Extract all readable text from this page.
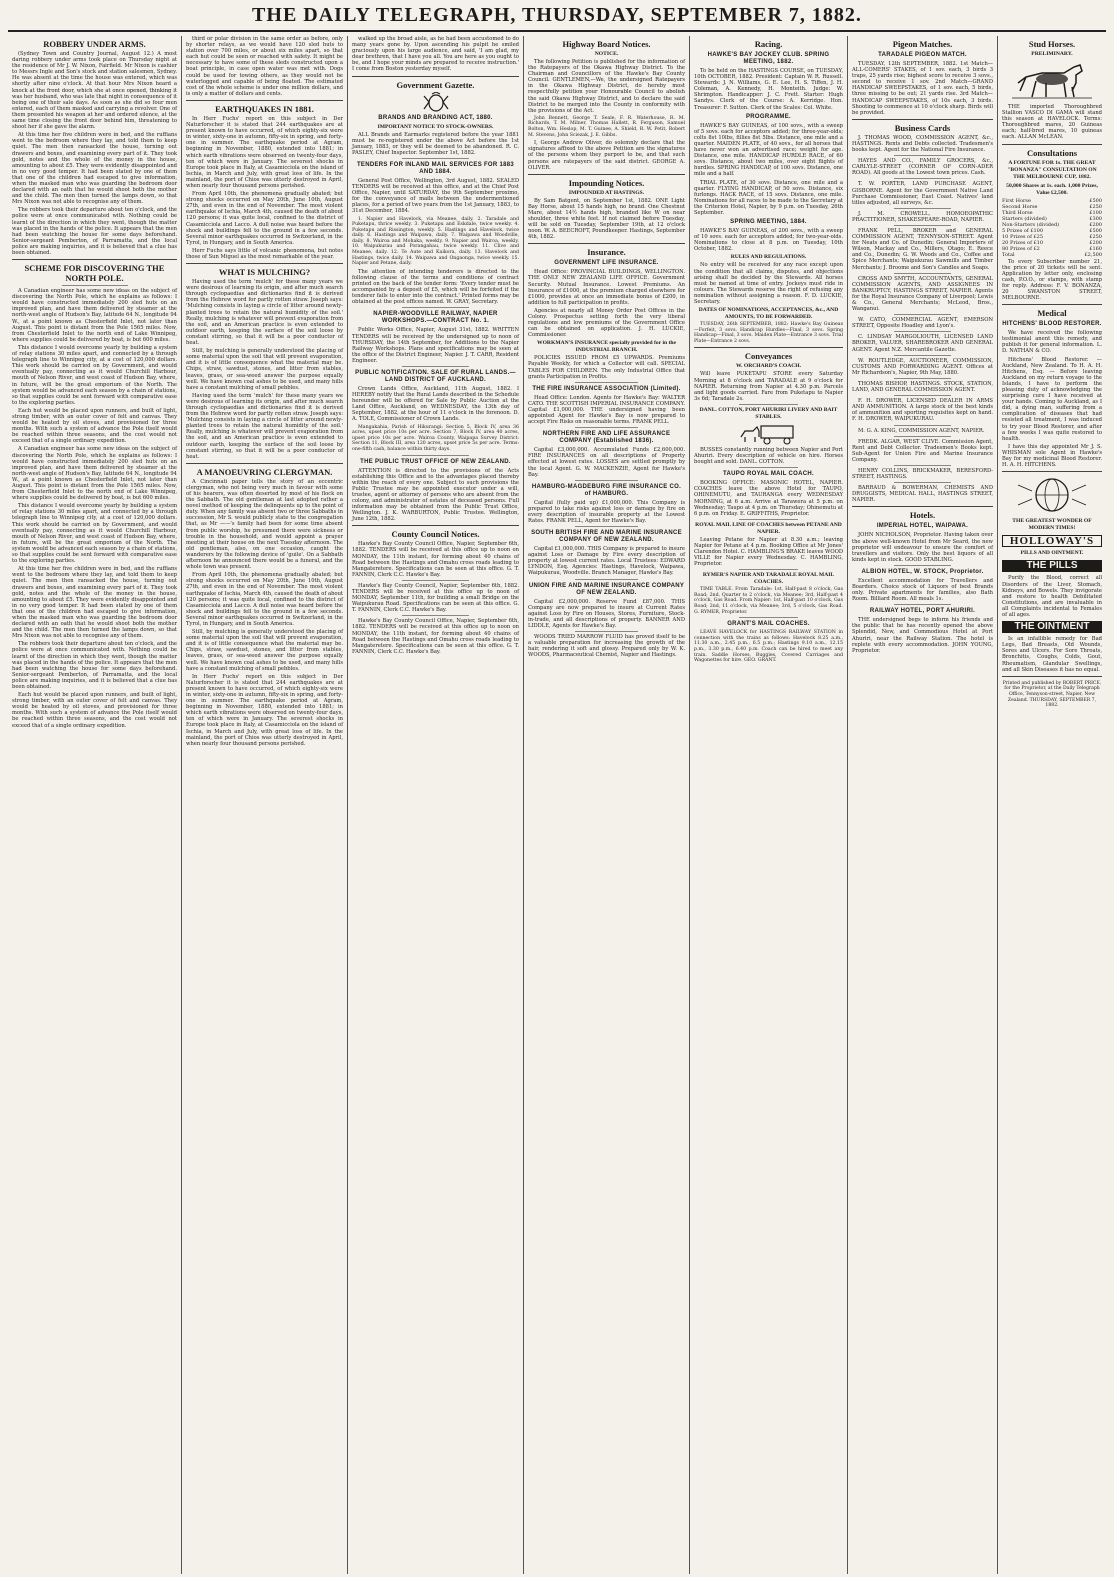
THE DAILY TELEGRAPH, THURSDAY, SEPTEMBER 7, 1882.
ROBBERY UNDER ARMS.

(Sydney Town and Country Journal, August 12.) A most daring robbery under arms took place on Thursday night at the residence of Mr J. W. Nixon, Fairfield. Mr Nixon is cashier to Messrs Ingle and Son's stock and station salesmen, Sydney. He was absent at the time the house was entered, which was shortly after nine o'clock. At that hour Mrs Nixon heard a knock at the front door, which she at once opened, thinking it was her husband, who was late that night in consequence of it being one of their sale days. As soon as she did so four men entered, each of them masked and carrying a revolver. One of them presented his weapon at her and ordered silence, at the same time closing the front door behind him, threatening to shoot her if she gave the alarm.

At this time her five children were in bed, and the ruffians went to the bedroom where they lay, and told them to keep quiet. The men then ransacked the house, turning out drawers and boxes, and examining every part of it. They took gold, notes and the whole of the money in the house, amounting to about £5. They were evidently disappointed and in no very good temper. It had been stated by one of them that one of the children had escaped to give information, when the masked man who was guarding the bedroom door declared with an oath that he would shoot both the mother and the child. The men then turned the lamps down, so that Mrs Nixon was not able to recognise any of them.

The robbers took their departure about ten o'clock, and the police were at once communicated with. Nothing could be learnt of the direction in which they went, though the matter was placed in the hands of the police. It appears that the men had been watching the house for some days beforehand. Senior-sergeant Pemberton, of Parramatta, and the local police are making inquiries, and it is believed that a clue has been obtained.

SCHEME FOR DISCOVERING THE NORTH POLE.

A Canadian engineer has some new ideas on the subject of discovering the North Pole, which he explains as follows: I would have constructed immediately 200 sled huts on an improved plan, and have them delivered by steamer at the north-west angle of Hudson's Bay, latitude 64 N., longitude 94 W., at a point known as Chesterfield Inlet, not later than August. This point is distant from the Pole 1565 miles. Now, from Chesterfield Inlet to the north end of Lake Winnipeg, where supplies could be delivered by boat, is but 600 miles.

This distance I would overcome yearly by building a system of relay stations 30 miles apart, and connected by a through telegraph line to Winnipeg city, at a cost of 120,000 dollars. This work should be carried on by Government, and would eventually pay, connecting as it would Churchill Harbour, mouth of Nelson River, and west coast of Hudson Bay, where, in future, will be the great emporium of the North. The system would be advanced each season by a chain of stations, so that supplies could be sent forward with comparative ease to the exploring parties.

Each hut would be placed upon runners, and built of light, strong timber, with an outer cover of felt and canvas. They would be heated by oil stoves, and provisioned for three months. With such a system of advance the Pole itself would be reached within three seasons, and the cost would not exceed that of a single ordinary expedition.

A Canadian engineer has some new ideas on the subject of discovering the North Pole, which he explains as follows: I would have constructed immediately 200 sled huts on an improved plan, and have them delivered by steamer at the north-west angle of Hudson's Bay, latitude 64 N., longitude 94 W., at a point known as Chesterfield Inlet, not later than August. This point is distant from the Pole 1565 miles. Now, from Chesterfield Inlet to the north end of Lake Winnipeg, where supplies could be delivered by boat, is but 600 miles.

This distance I would overcome yearly by building a system of relay stations 30 miles apart, and connected by a through telegraph line to Winnipeg city, at a cost of 120,000 dollars. This work should be carried on by Government, and would eventually pay, connecting as it would Churchill Harbour, mouth of Nelson River, and west coast of Hudson Bay, where, in future, will be the great emporium of the North. The system would be advanced each season by a chain of stations, so that supplies could be sent forward with comparative ease to the exploring parties.

At this time her five children were in bed, and the ruffians went to the bedroom where they lay, and told them to keep quiet. The men then ransacked the house, turning out drawers and boxes, and examining every part of it. They took gold, notes and the whole of the money in the house, amounting to about £5. They were evidently disappointed and in no very good temper. It had been stated by one of them that one of the children had escaped to give information, when the masked man who was guarding the bedroom door declared with an oath that he would shoot both the mother and the child. The men then turned the lamps down, so that Mrs Nixon was not able to recognise any of them.

The robbers took their departure about ten o'clock, and the police were at once communicated with. Nothing could be learnt of the direction in which they went, though the matter was placed in the hands of the police. It appears that the men had been watching the house for some days beforehand. Senior-sergeant Pemberton, of Parramatta, and the local police are making inquiries, and it is believed that a clue has been obtained.

Each hut would be placed upon runners, and built of light, strong timber, with an outer cover of felt and canvas. They would be heated by oil stoves, and provisioned for three months. With such a system of advance the Pole itself would be reached within three seasons, and the cost would not exceed that of a single ordinary expedition.

third or polar division in the same order as before, only by shorter relays, as we would have 120 sled huts to station over 700 miles, or about six miles apart, so that each hut could be seen or reached with safety. It might be necessary to have some of these sleds constructed upon a boat principle, in case open water was met with. Dogs could be used for towing others, as they would not be waterlogged and capable of being floated. The estimated cost of the whole scheme is under one million dollars, and is only a matter of dollars and cents.

EARTHQUAKES IN 1881.

In Herr Fuchs' report on this subject in Der Naturforscher it is stated that 244 earthquakes are at present known to have occurred, of which eighty-six were in winter, sixty-one in autumn, fifty-six in spring, and forty-one in summer. The earthquake period at Agram, beginning in November, 1880, extended into 1881; in which earth vibrations were observed on twenty-four days, ten of which were in January. The severest shocks in Europe took place in Italy, at Casamicciola on the island of Ischia, in March and July, with great loss of life. In the mainland, the port of Chios was utterly destroyed in April, when nearly four thousand persons perished.

From April 10th, the phenomena gradually abated; but strong shocks occurred on May 20th, June 10th, August 27th, and even in the end of November. The most violent earthquake of Ischia, March 4th, caused the death of about 120 persons; it was quite local, confined to the district of Casamicciola and Lacco. A dull noise was heard before the shock and buildings fell to the ground in a few seconds. Several minor earthquakes occurred in Switzerland, in the Tyrol, in Hungary, and in South America.

Herr Fuchs says little of volcanic phenomena, but notes those of Sun Miguel as the most remarkable of the year.

WHAT IS MULCHING?

Having used the term 'mulch' for these many years we were desirous of learning its origin, and after much search through cyclopaedias and dictionaries find it is derived from the Hebrew word for partly rotten straw. Joseph says: 'Mulching consists in laying a circle of litter around newly-planted trees to retain the natural humidity of the soil.' Really, mulching is whatever will prevent evaporation from the soil, and an American practice is even extended to outdoor earth, keeping the surface of the soil loose by constant stirring, so that it will be a poor conductor of heat.

Still, by mulching is generally understood the placing of some material upon the soil that will prevent evaporation, and it is of little consequence what the material may be. Chips, straw, sawdust, stones, and litter from stables, leaves, grass, or sea-weed answer the purpose equally well. We have known coal ashes to be used, and many hills have a constant mulching of small pebbles.

Having used the term 'mulch' for these many years we were desirous of learning its origin, and after much search through cyclopaedias and dictionaries find it is derived from the Hebrew word for partly rotten straw. Joseph says: 'Mulching consists in laying a circle of litter around newly-planted trees to retain the natural humidity of the soil.' Really, mulching is whatever will prevent evaporation from the soil, and an American practice is even extended to outdoor earth, keeping the surface of the soil loose by constant stirring, so that it will be a poor conductor of heat.

A MANOEUVRING CLERGYMAN.

A Cincinnati paper tells the story of an eccentric clergyman, who not being very much in favour with some of his hearers, was often deserted by most of his flock on the Sabbath. The old gentleman at last adopted rather a novel method of keeping the delinquents up to the point of duty. When any family was absent two or three Sabbaths in succession, Mr S. would publicly state to the congregation that, as Mr ——'s family had been for some time absent from public worship, he presumed there were sickness or trouble in the household, and would appoint a prayer meeting at their house on the next Tuesday afternoon. The old gentleman, also, on one occasion, caught the wanderers by the following device of 'guile'. On a Sabbath afternoon he announced there would be a funeral, and the whole town was present.

From April 10th, the phenomena gradually abated; but strong shocks occurred on May 20th, June 10th, August 27th, and even in the end of November. The most violent earthquake of Ischia, March 4th, caused the death of about 120 persons; it was quite local, confined to the district of Casamicciola and Lacco. A dull noise was heard before the shock and buildings fell to the ground in a few seconds. Several minor earthquakes occurred in Switzerland, in the Tyrol, in Hungary, and in South America.

Still, by mulching is generally understood the placing of some material upon the soil that will prevent evaporation, and it is of little consequence what the material may be. Chips, straw, sawdust, stones, and litter from stables, leaves, grass, or sea-weed answer the purpose equally well. We have known coal ashes to be used, and many hills have a constant mulching of small pebbles.

In Herr Fuchs' report on this subject in Der Naturforscher it is stated that 244 earthquakes are at present known to have occurred, of which eighty-six were in winter, sixty-one in autumn, fifty-six in spring, and forty-one in summer. The earthquake period at Agram, beginning in November, 1880, extended into 1881; in which earth vibrations were observed on twenty-four days, ten of which were in January. The severest shocks in Europe took place in Italy, at Casamicciola on the island of Ischia, in March and July, with great loss of life. In the mainland, the port of Chios was utterly destroyed in April, when nearly four thousand persons perished.

walked up the broad aisle, as he had been accustomed to do many years gone by. Upon ascending his pulpit he smiled graciously upon his large audience, and said, 'I am glad, my dear brethren, that I have you all. You are here as you ought to be, and I hope your minds are prepared to receive instruction.' I come from Boston yesterday myself.

Government Gazette.
BRANDS AND BRANDING ACT, 1880.
IMPORTANT NOTICE TO STOCK-OWNERS.

ALL Brands and Earmarks registered before the year 1881 must be re-registered under the above Act before the 1st January, 1883, or they will be deemed to be abandoned. R. C. PASLEY, Chief Inspector. September 1st, 1882.

TENDERS FOR INLAND MAIL SERVICES FOR 1883 AND 1884.

General Post Office, Wellington, 3rd August, 1882. SEALED TENDERS will be received at this office, and at the Chief Post Office, Napier, until SATURDAY, the 9th September proximo, for the conveyance of mails between the undermentioned places, for a period of two years from the 1st January, 1883, to 31st December, 1884.

1. Napier and Havelock, via Meanee, daily. 2. Taradale and Puketapu, thrice weekly. 3. Puketapu and Eskdale, twice weekly. 4. Puketapu and Rissington, weekly. 5. Hastings and Havelock, twice daily. 6. Hastings and Waipawa, daily. 7. Waipawa and Woodville, daily. 8. Wairoa and Mohaka, weekly. 9. Napier and Wairoa, weekly. 10. Waipukurau and Porangahau, twice weekly. 11. Clive and Meanee, daily. 12. Te Aute and Kaikora, daily. 13. Havelock and Hastings, twice daily. 14. Waipawa and Ongaonga, twice weekly. 15. Napier and Petane, daily.

The attention of intending tenderers is directed to the following clause of the terms and conditions of contract printed on the back of the tender form: 'Every tender must be accompanied by a deposit of £5, which will be forfeited if the tenderer fails to enter into the contract.' Printed forms may be obtained at the post offices named. W. GRAY, Secretary.

NAPIER-WOODVILLE RAILWAY, NAPIER WORKSHOPS.—CONTRACT No. 1.

Public Works Office, Napier, August 31st, 1882. WRITTEN TENDERS will be received by the undersigned up to noon of THURSDAY, the 14th September, for Additions to the Napier Railway Workshops. Plans and specifications may be seen at the office of the District Engineer, Napier. J. T. CARR, Resident Engineer.

PUBLIC NOTIFICATION. SALE OF RURAL LANDS.—LAND DISTRICT OF AUCKLAND.

Crown Lands Office, Auckland, 11th August, 1882. I HEREBY notify that the Rural Lands described in the Schedule hereunder will be offered for Sale by Public Auction at the Land Office, Auckland, on WEDNESDAY, the 13th day of September, 1882, at the hour of 11 o'clock in the forenoon. D. A. TOLE, Commissioner of Crown Lands.

Mangakahia, Parish of Hikurangi: Section 5, Block IV, area 36 acres, upset price 10s per acre. Section 7, Block IV, area 40 acres, upset price 10s per acre. Wairoa County, Waipapa Survey District: Section 11, Block III, area 120 acres, upset price 5s per acre. Terms: one-fifth cash, balance within thirty days.

THE PUBLIC TRUST OFFICE OF NEW ZEALAND.

ATTENTION is directed to the provisions of the Acts establishing this Office and to the advantages placed thereby within the reach of every one. Subject to such provisions the Public Trustee may be appointed executor under a will, trustee, agent or attorney of persons who are absent from the colony, and administrator of estates of deceased persons. Full information may be obtained from the Public Trust Office, Wellington. J. K. WARBURTON, Public Trustee. Wellington, June 12th, 1882.

County Council Notices.

Hawke's Bay County Council Office, Napier, September 6th, 1882. TENDERS will be received at this office up to noon on MONDAY, the 11th instant, for forming about 40 chains of Road between the Hastings and Omahu cross roads leading to Mangateretere. Specifications can be seen at this office. G. T. FANNIN, Clerk C.C. Hawke's Bay.

Hawke's Bay County Council, Napier, September 6th, 1882. TENDERS will be received at this office up to noon of MONDAY, September 11th, for building a small Bridge on the Waipukurau Road. Specifications can be seen at this office. G. T. FANNIN, Clerk C.C. Hawke's Bay.

Hawke's Bay County Council Office, Napier, September 6th, 1882. TENDERS will be received at this office up to noon on MONDAY, the 11th instant, for forming about 40 chains of Road between the Hastings and Omahu cross roads leading to Mangateretere. Specifications can be seen at this office. G. T. FANNIN, Clerk C.C. Hawke's Bay.

Highway Board Notices.
NOTICE.

The following Petition is published for the information of the Ratepayers of the Okawa Highway District. To the Chairman and Councillors of the Hawke's Bay County Council. GENTLEMEN,—We, the undersigned Ratepayers in the Okawa Highway District, do hereby most respectfully petition your Honourable Council to abolish the said Okawa Highway District, and to declare the said District to be merged into the County in conformity with the provisions of the Act.

John Bennett, George T. Seale, F. R. Waterhouse, R. M. Richards, T. M. Milner, Thomas Hallett, R. Ferguson, Samuel Bolton, Wm. Heslop, M. T. Guinee, A. Shield, R. W. Petit, Robert M. Stevens, John Sciezak, J. E. Gibbs.

I, George Andrew Oliver, do solemnly declare that the signatures affixed to the above Petition are the signatures of the persons whom they purport to be, and that such persons are ratepayers of the said district. GEORGE A. OLIVER.

Impounding Notices.
IMPOUNDED AT HASTINGS.

By Sam Batgent, on September 1st, 1882. ONE Light Bay Horse, about 15 hands high, no brand. One Chestnut Mare, about 14½ hands high, branded like W on near shoulder, three white feet. If not claimed before Tuesday, will be sold on Tuesday, September 19th, at 12 o'clock noon. W. A. BEECROFT, Poundkeeper. Hastings, September 4th, 1882.

Insurance.
GOVERNMENT LIFE INSURANCE.

Head Office: PROVINCIAL BUILDINGS, WELLINGTON. THE ONLY NEW ZEALAND LIFE OFFICE. Government Security. Mutual Insurance. Lowest Premiums. An Insurance of £1000, at the premium charged elsewhere for £1000, provides at once an immediate bonus of £200, in addition to full participation in profits.

Agencies at nearly all Money Order Post Offices in the Colony. Prospectus setting forth the very liberal regulations and low premiums of the Government Office can be obtained on application. J. H. LUCKIE, Commissioner.

WORKMAN'S INSURANCE specially provided for in the INDUSTRIAL BRANCH.

POLICIES ISSUED FROM £5 UPWARDS. Premiums Payable Weekly, for which a Collector will call. SPECIAL TABLES FOR CHILDREN. The only Industrial Office that grants Participation in Profits.

THE FIRE INSURANCE ASSOCIATION (Limited).

Head Office: London. Agents for Hawke's Bay: WALTER CATO. THE SCOTTISH IMPERIAL INSURANCE COMPANY. Capital £1,000,000. THE undersigned having been appointed Agent for Hawke's Bay is now prepared to accept Fire Risks on reasonable terms. FRANK PELL.

NORTHERN FIRE AND LIFE ASSURANCE COMPANY (Established 1836).

Capital £3,000,000. Accumulated Funds £2,600,000. FIRE INSURANCES on all descriptions of Property effected at lowest rates. LOSSES are settled promptly by the local Agent. G. W. MACKENZIE, Agent for Hawke's Bay.

HAMBURG-MAGDEBURG FIRE INSURANCE CO. of HAMBURG.

Capital (fully paid up) £1,000,000. This Company is prepared to take risks against loss or damage by fire on every description of insurable property at the Lowest Rates. FRANK PELL, Agent for Hawke's Bay.

SOUTH BRITISH FIRE AND MARINE INSURANCE COMPANY OF NEW ZEALAND.

Capital £1,000,000. THIS Company is prepared to insure against Loss or Damage by Fire every description of property at lowest current rates. Local Trustees: EDWARD LYNDON, Esq. Agencies: Hastings, Havelock, Waipawa, Waipukurau, Woodville. Branch Manager, Hawke's Bay.

UNION FIRE AND MARINE INSURANCE COMPANY OF NEW ZEALAND.

Capital £2,000,000. Reserve Fund £87,000. THIS Company are now prepared to insure at Current Rates against Loss by Fire on Houses, Stores, Furniture, Stock-in-trade, and all descriptions of property. BANNER AND LIDDLE, Agents for Hawke's Bay.

WOODS TRIED MARROW FLUID has proved itself to be a valuable preparation for increasing the growth of the hair, rendering it soft and glossy. Prepared only by W. K. WOODS, Pharmaceutical Chemist, Napier and Hastings.

Racing.
HAWKE'S BAY JOCKEY CLUB. SPRING MEETING, 1882.

To be held on the HASTINGS COURSE, on TUESDAY, 10th OCTOBER, 1882. President: Captain W. R. Russell. Stewards: J. N. Williams, G. E. Lee, H. S. Tiffen, J. H. Coleman, A. Kennedy, H. Monteith. Judge: W. Shrimpton. Handicapper: J. C. Frett. Starter: Hugh Sandys. Clerk of the Course: A. Kerridge. Hon. Treasurer: F. Sutton. Clerk of the Scales: Col. White.

PROGRAMME.

HAWKE'S BAY GUINEAS, of 100 sovs., with a sweep of 5 sovs. each for acceptors added; for three-year-olds; colts 8st 10lbs, fillies 8st 5lbs. Distance, one mile and a quarter. MAIDEN PLATE, of 40 sovs., for all horses that have never won an advertised race; weight for age. Distance, one mile. HANDICAP HURDLE RACE, of 60 sovs. Distance, about two miles, over eight flights of hurdles. SPRING HANDICAP, of 100 sovs. Distance, one mile and a half.

TRIAL PLATE, of 30 sovs. Distance, one mile and a quarter. FLYING HANDICAP, of 50 sovs. Distance, six furlongs. HACK RACE, of 15 sovs. Distance, one mile. Nominations for all races to be made to the Secretary at the Criterion Hotel, Napier, by 9 p.m. on Tuesday, 26th September.

SPRING MEETING, 1884.

HAWKE'S BAY GUINEAS, of 200 sovs., with a sweep of 10 sovs. each for acceptors added; for two-year-olds. Nominations to close at 8 p.m. on Tuesday, 10th October, 1882.

RULES AND REGULATIONS.

No entry will be received for any race except upon the condition that all claims, disputes, and objections arising shall be decided by the Stewards. All horses must be named at time of entry. Jockeys must ride in colours. The Stewards reserve the right of refusing any nomination without assigning a reason. F. D. LUCKIE, Secretary.

DATES OF NOMINATIONS, ACCEPTANCES, &c., AND AMOUNTS, TO BE FORWARDED.

TUESDAY, 26th SEPTEMBER, 1882: Hawke's Bay Guineas—Forfeit, 3 sovs. Handicap Hurdles—Final, 3 sovs. Spring Handicap—Final, 3 sovs. Maiden Plate—Entrance 3 sovs. Trial Plate—Entrance 2 sovs.

Conveyances
W. ORCHARD'S COACH.

Will leave PUKETAPU STORE every Saturday Morning at 8 o'clock and TARADALE at 9 o'clock for NAPIER. Returning from Napier at 4.30 p.m. Parcels and light goods carried. Fare from Puketapu to Napier 3s 6d; Taradale 2s.

DANL. COTTON, PORT AHURIRI LIVERY AND BAIT STABLES.

BUSSES constantly running between Napier and Port Ahuriri. Every description of vehicle on hire. Horses bought and sold. DANL. COTTON.

TAUPO ROYAL MAIL COACH.

BOOKING OFFICE: MASONIC HOTEL, NAPIER. COACHES leave the above Hotel for TAUPO, OHINEMUTU, and TAURANGA every WEDNESDAY MORNING, at 6 a.m. Arrive at Tarawera at 5 p.m. on Wednesday; Taupo at 4 p.m. on Thursday; Ohinemutu at 6 p.m. on Friday. E. GRIFFITHS, Proprietor.

ROYAL MAIL LINE OF COACHES between PETANE AND NAPIER.

Leaving Petane for Napier at 8.30 a.m.; leaving Napier for Petane at 4 p.m. Booking Office at Mr Jones' Clarendon Hotel. C. HAMBLING'S BRAKE leaves WOOD VILLE for Napier every Wednesday. C. HAMBLING, Proprietor.

RYMER'S NAPIER AND TARADALE ROYAL MAIL COACHES.

TIME TABLE. From Taradale: 1st, Half-past 8 o'clock, Gas Road; 2nd, Quarter to 2 o'clock, via Meanee; 3rd, Half-past 4 o'clock, Gas Road. From Napier: 1st, Half-past 10 o'clock, Gas Road; 2nd, 11 o'clock, via Meanee; 3rd, 5 o'clock, Gas Road. G. RYMER, Proprietor.

GRANT'S MAIL COACHES.

LEAVE HAVELOCK for HASTINGS RAILWAY STATION in connection with the trains as follows: Havelock 8.25 a.m., 11.30 a.m., 2.45 p.m., 6.5 p.m.; Hastings 9.10 a.m., 12.15 p.m., 3.30 p.m., 6.40 p.m. Coach can be hired to meet any train. Saddle Horses, Buggies, Covered Carriages and Wagonettes for hire. GEO. GRANT.

Pigeon Matches.
TARADALE PIGEON MATCH.

TUESDAY, 12th SEPTEMBER, 1882. 1st Match—ALL-COMERS' STAKES, of 1 sov. each, 3 birds 3 traps, 25 yards rise; highest score to receive 3 sovs., second to receive 1 sov. 2nd Match—GRAND HANDICAP SWEEPSTAKES, of 1 sov. each, 5 birds, three missing to be out; 21 yards rise. 3rd Match—HANDICAP SWEEPSTAKES, of 10s each, 3 birds. Shooting to commence at 10 o'clock sharp. Birds will be provided.

Business Cards

J. THOMAS WOOD, COMMISSION AGENT, &c., HASTINGS. Rents and Debts collected. Tradesmen's books kept. Agent for the National Fire Insurance.

HAYES AND CO., FAMILY GROCERS, &c., CARLYLE-STREET (CORNER OF CORN-ADER ROAD). All goods at the Lowest town prices. Cash.

T. W. PORTER, LAND PURCHASE AGENT, GISBORNE. Agent for the Government Native Land Purchase Commissioner, East Coast. Natives' land titles adjusted, all surveys, &c.

J. M. CROWELL, HOMOEOPATHIC PRACTITIONER, SHAKESPEARE-ROAD, NAPIER.

FRANK PELL, BROKER and GENERAL COMMISSION AGENT, TENNYSON-STREET. Agent for Neats and Co. of Dunedin; General Importers of Wilson, Mackay and Co., Millers, Otago; E. Reece and Co., Dunedin; G. W. Woods and Co., Coffee and Spice Merchants; Waipukurau Sawmills and Timber Merchants; J. Broome and Son's Candles and Soaps.

CROSS AND SMYTH, ACCOUNTANTS, GENERAL COMMISSION AGENTS, AND ASSIGNEES IN BANKRUPTCY, HASTINGS STREET, NAPIER. Agents for the Royal Insurance Company of Liverpool; Lewis & Co., General Merchants; McLeod, Bros., Wanganui.

W. CATO, COMMERCIAL AGENT, EMERSON STREET, Opposite Hoadley and Lyon's.

C. LINDSAY MARGOLIOUTH, LICENSED LAND BROKER, VALUER, SHAREBROKER AND GENERAL AGENT. Agent N.Z. Mercantile Gazette.

W. ROUTLEDGE, AUCTIONEER, COMMISSION, CUSTOMS AND FORWARDING AGENT. Offices at Mr Richardson's, Napier, 9th May, 1880.

THOMAS BISHOP, HASTINGS. STOCK, STATION, LAND, AND GENERAL COMMISSION AGENT.

F. H. DROWER, LICENSED DEALER IN ARMS AND AMMUNITION. A large stock of the best kinds of ammunition and sporting requisites kept on hand. F. H. DROWER, WAIPUKURAU.

M. G. A. KING, COMMISSION AGENT, NAPIER.

FREDK. ALGAR, WEST CLIVE. Commission Agent, Rent and Debt Collector. Tradesmen's Books kept. Sub-Agent for Union Fire and Marine Insurance Company.

HENRY COLLINS, BRICKMAKER, BERESFORD-STREET, HASTINGS.

BARRAUD & BOWERMAN, CHEMISTS AND DRUGGISTS, MEDICAL HALL, HASTINGS STREET, NAPIER.

Hotels.
IMPERIAL HOTEL, WAIPAWA.

JOHN NICHOLSON, Proprietor. Having taken over the above well-known Hotel from Mr Seard, the new proprietor will endeavour to ensure the comfort of travellers and visitors. Only the best liquors of all kinds kept in stock. GOOD STABLING.

ALBION HOTEL, W. STOCK, Proprietor.

Excellent accommodation for Travellers and Boarders. Choice stock of Liquors of best Brands only. Private apartments for families, also Bath Room. Billiard Room. All meals 1s.

RAILWAY HOTEL, PORT AHURIRI.

THE undersigned begs to inform his friends and the public that he has recently opened the above Splendid, New, and Commodious Hotel at Port Ahuriri, near the Railway Station. The hotel is replete with every accommodation. JOHN YOUNG, Proprietor.

Stud Horses.
PRELIMINARY.

THE imported Thoroughbred Stallion VASCO DI GAMA will stand this season at HAVELOCK. Terms: Thoroughbred mares, 20 Guineas each; half-bred mares, 10 guineas each. ALLAN McLEAN.

Consultations
A FORTUNE FOR 1s. THE GREAT "BONANZA" CONSULTATION ON THE MELBOURNE CUP, 1882.
50,000 Shares at 1s. each. 1,000 Prizes, Value £2,500.
First Horse	£500
Second Horse	£250
Third Horse	£100
Starters (divided)	£300
Non-Starters (divided)	£200
5 Prizes of £100	£500
10 Prizes of £25	£250
20 Prizes of £10	£200
80 Prizes of £2	£160
Total	£2,500

To every Subscriber number 21, the price of 20 tickets will be sent. Application by letter only, enclosing cash, P.O.O., or stamps, with stamp for reply. Address: F. V. BONANZA, 20 SWANSTON STREET, MELBOURNE.

Medical
HITCHENS' BLOOD RESTORER.

We have received the following testimonial anent this remedy, and publish it for general information. L. D. NATHAN & CO.

Hitchens' Blood Restorer. — Auckland, New Zealand. To H. A. H. Hitchens, Esq. — Before leaving Auckland on my return voyage to the Islands, I have to perform the pleasing duty of acknowledging the surprising cure I have received at your hands. Coming to Auckland, as I did, a dying man, suffering from a complication of diseases that had resisted all treatment, I was induced to try your Blood Restorer, and after a few weeks I was quite restored to health.

I have this day appointed Mr J. S. WHISMAN sole Agent in Hawke's Bay for my medicinal Blood Restorer. H. A. H. HITCHENS.

THE GREATEST WONDER OF MODERN TIMES!
HOLLOWAY'S
PILLS AND OINTMENT.
THE PILLS

Purify the Blood, correct all Disorders of the Liver, Stomach, Kidneys, and Bowels. They invigorate and restore to health Debilitated Constitutions, and are invaluable in all Complaints incidental to Females of all ages.

THE OINTMENT

Is an infallible remedy for Bad Legs, Bad Breasts, Old Wounds, Sores and Ulcers. For Sore Throats, Bronchitis, Coughs, Colds, Gout, Rheumatism, Glandular Swellings, and all Skin Diseases it has no equal.

Printed and published by ROBERT PRICE, for the Proprietor, at the Daily Telegraph Office, Tennyson-street, Napier, New Zealand. THURSDAY, SEPTEMBER 7, 1882.
